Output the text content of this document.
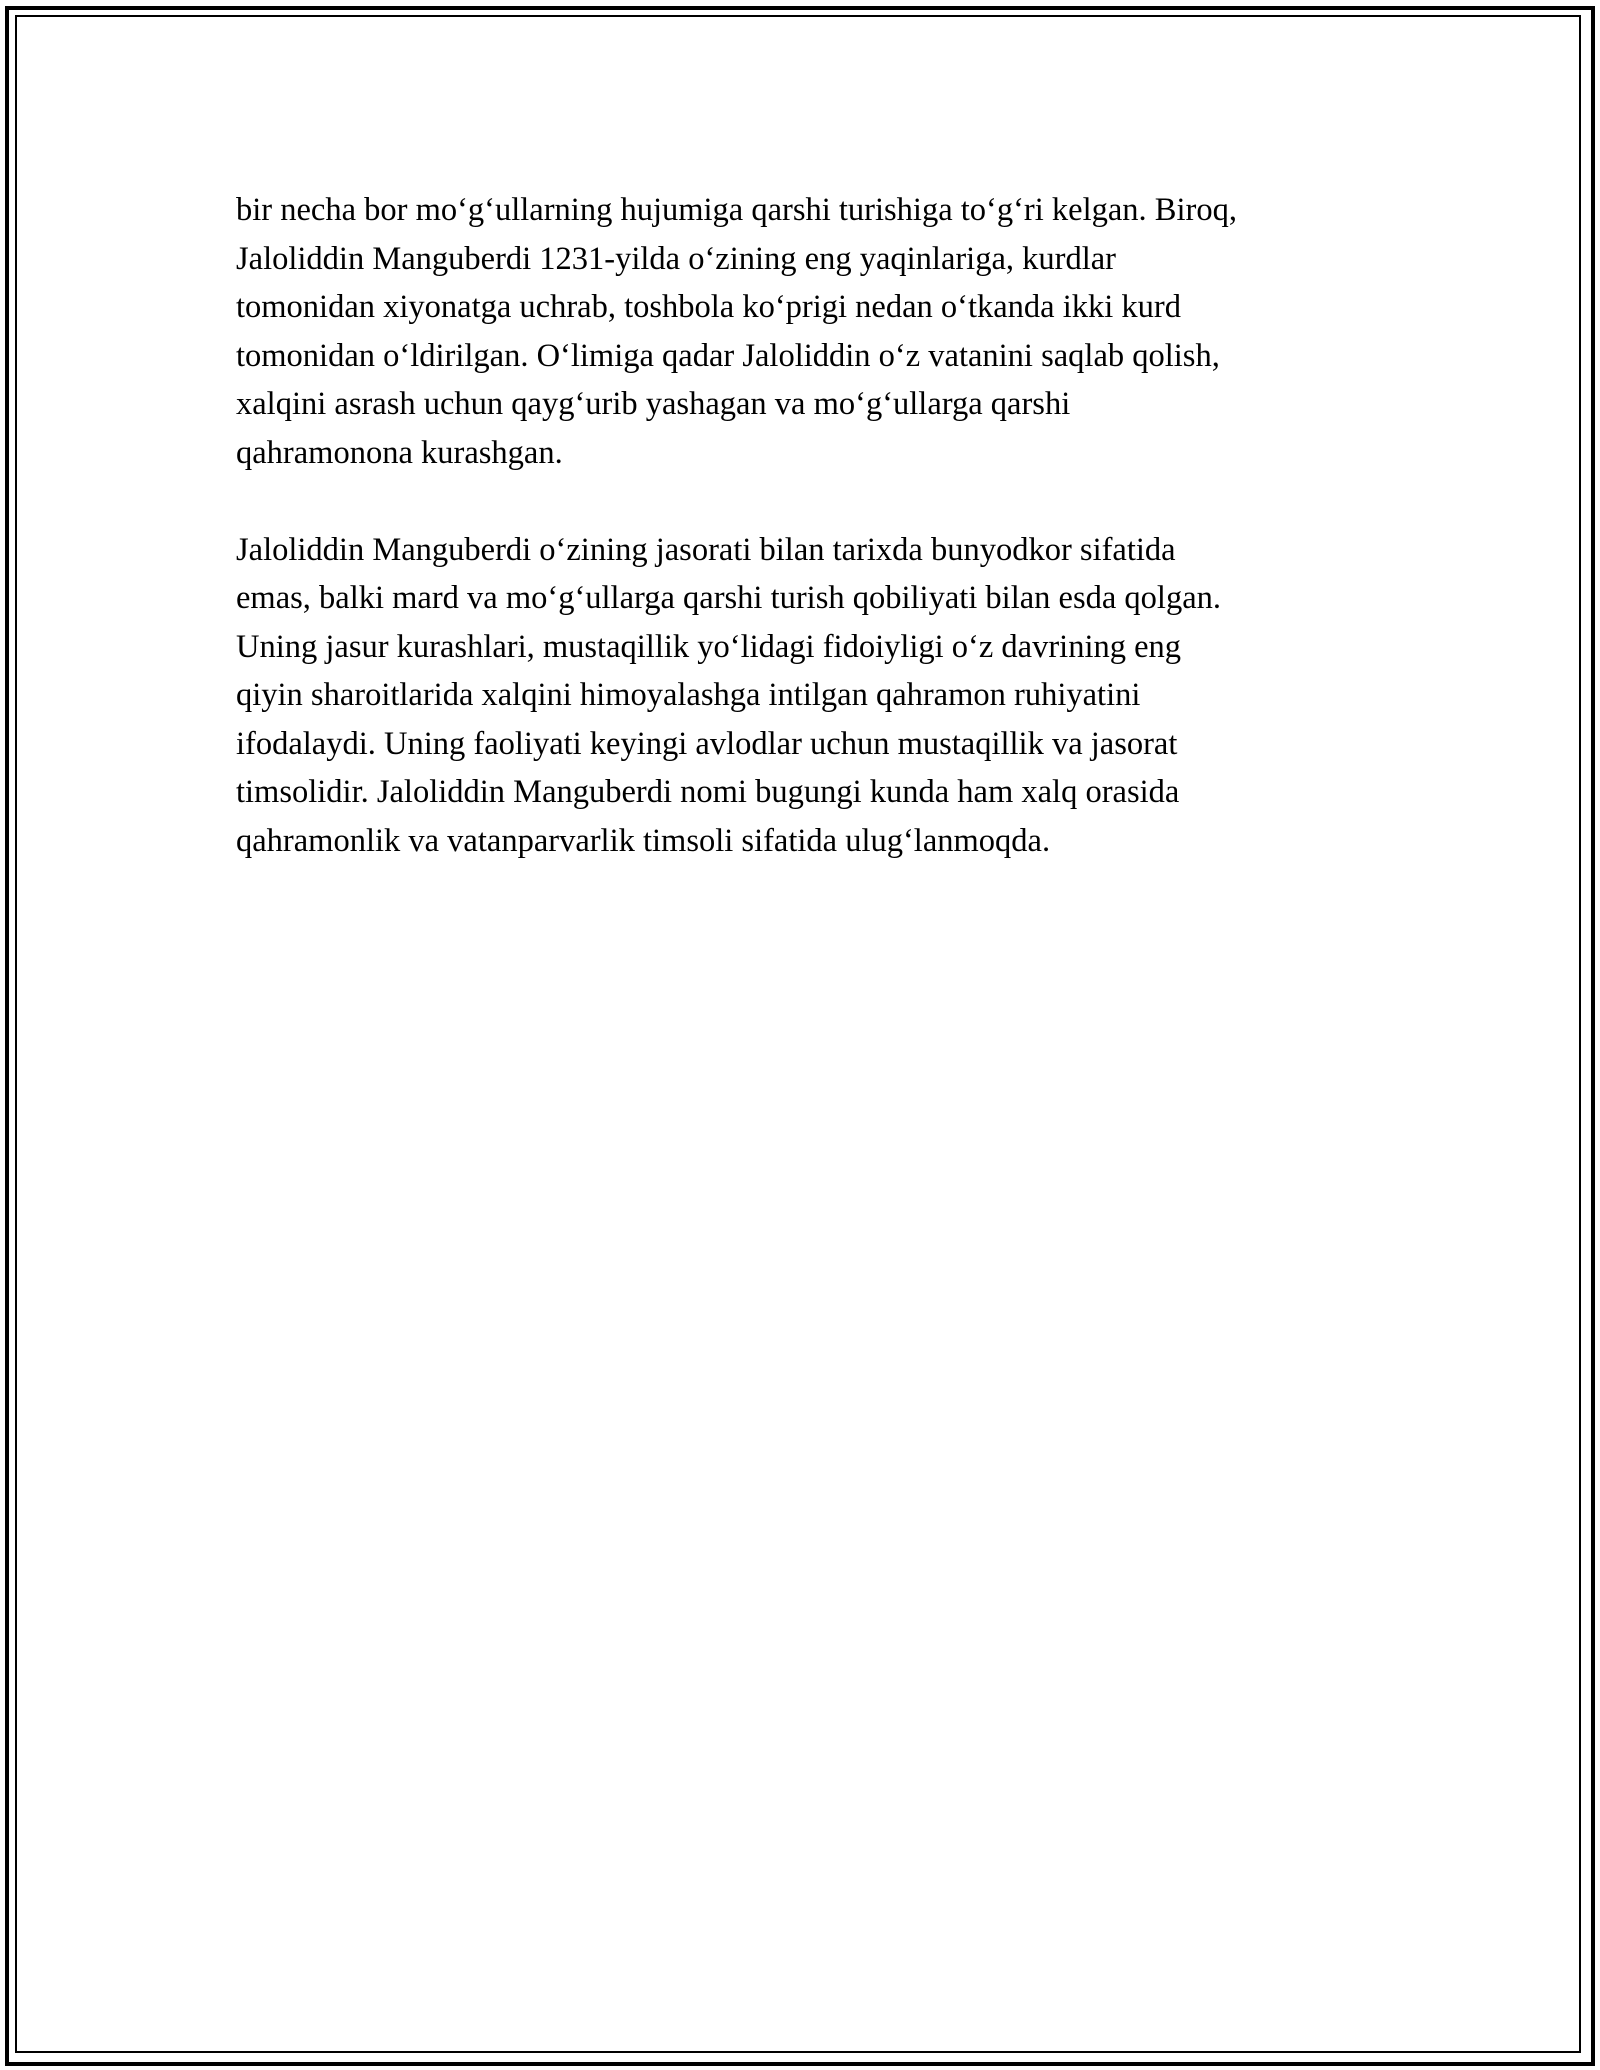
bir necha bor mo‘g‘ullarning hujumiga qarshi turishiga to‘g‘ri kelgan. Biroq,
Jaloliddin Manguberdi 1231-yilda o‘zining eng yaqinlariga, kurdlar
tomonidan xiyonatga uchrab, toshbola ko‘prigi nedan o‘tkanda ikki kurd
tomonidan o‘ldirilgan. O‘limiga qadar Jaloliddin o‘z vatanini saqlab qolish,
xalqini asrash uchun qayg‘urib yashagan va mo‘g‘ullarga qarshi
qahramonona kurashgan.

Jaloliddin Manguberdi o‘zining jasorati bilan tarixda bunyodkor sifatida
emas, balki mard va mo‘g‘ullarga qarshi turish qobiliyati bilan esda qolgan.
Uning jasur kurashlari, mustaqillik yo‘lidagi fidoiyligi o‘z davrining eng
qiyin sharoitlarida xalqini himoyalashga intilgan qahramon ruhiyatini
ifodalaydi. Uning faoliyati keyingi avlodlar uchun mustaqillik va jasorat
timsolidir. Jaloliddin Manguberdi nomi bugungi kunda ham xalq orasida
qahramonlik va vatanparvarlik timsoli sifatida ulug‘lanmoqda.
